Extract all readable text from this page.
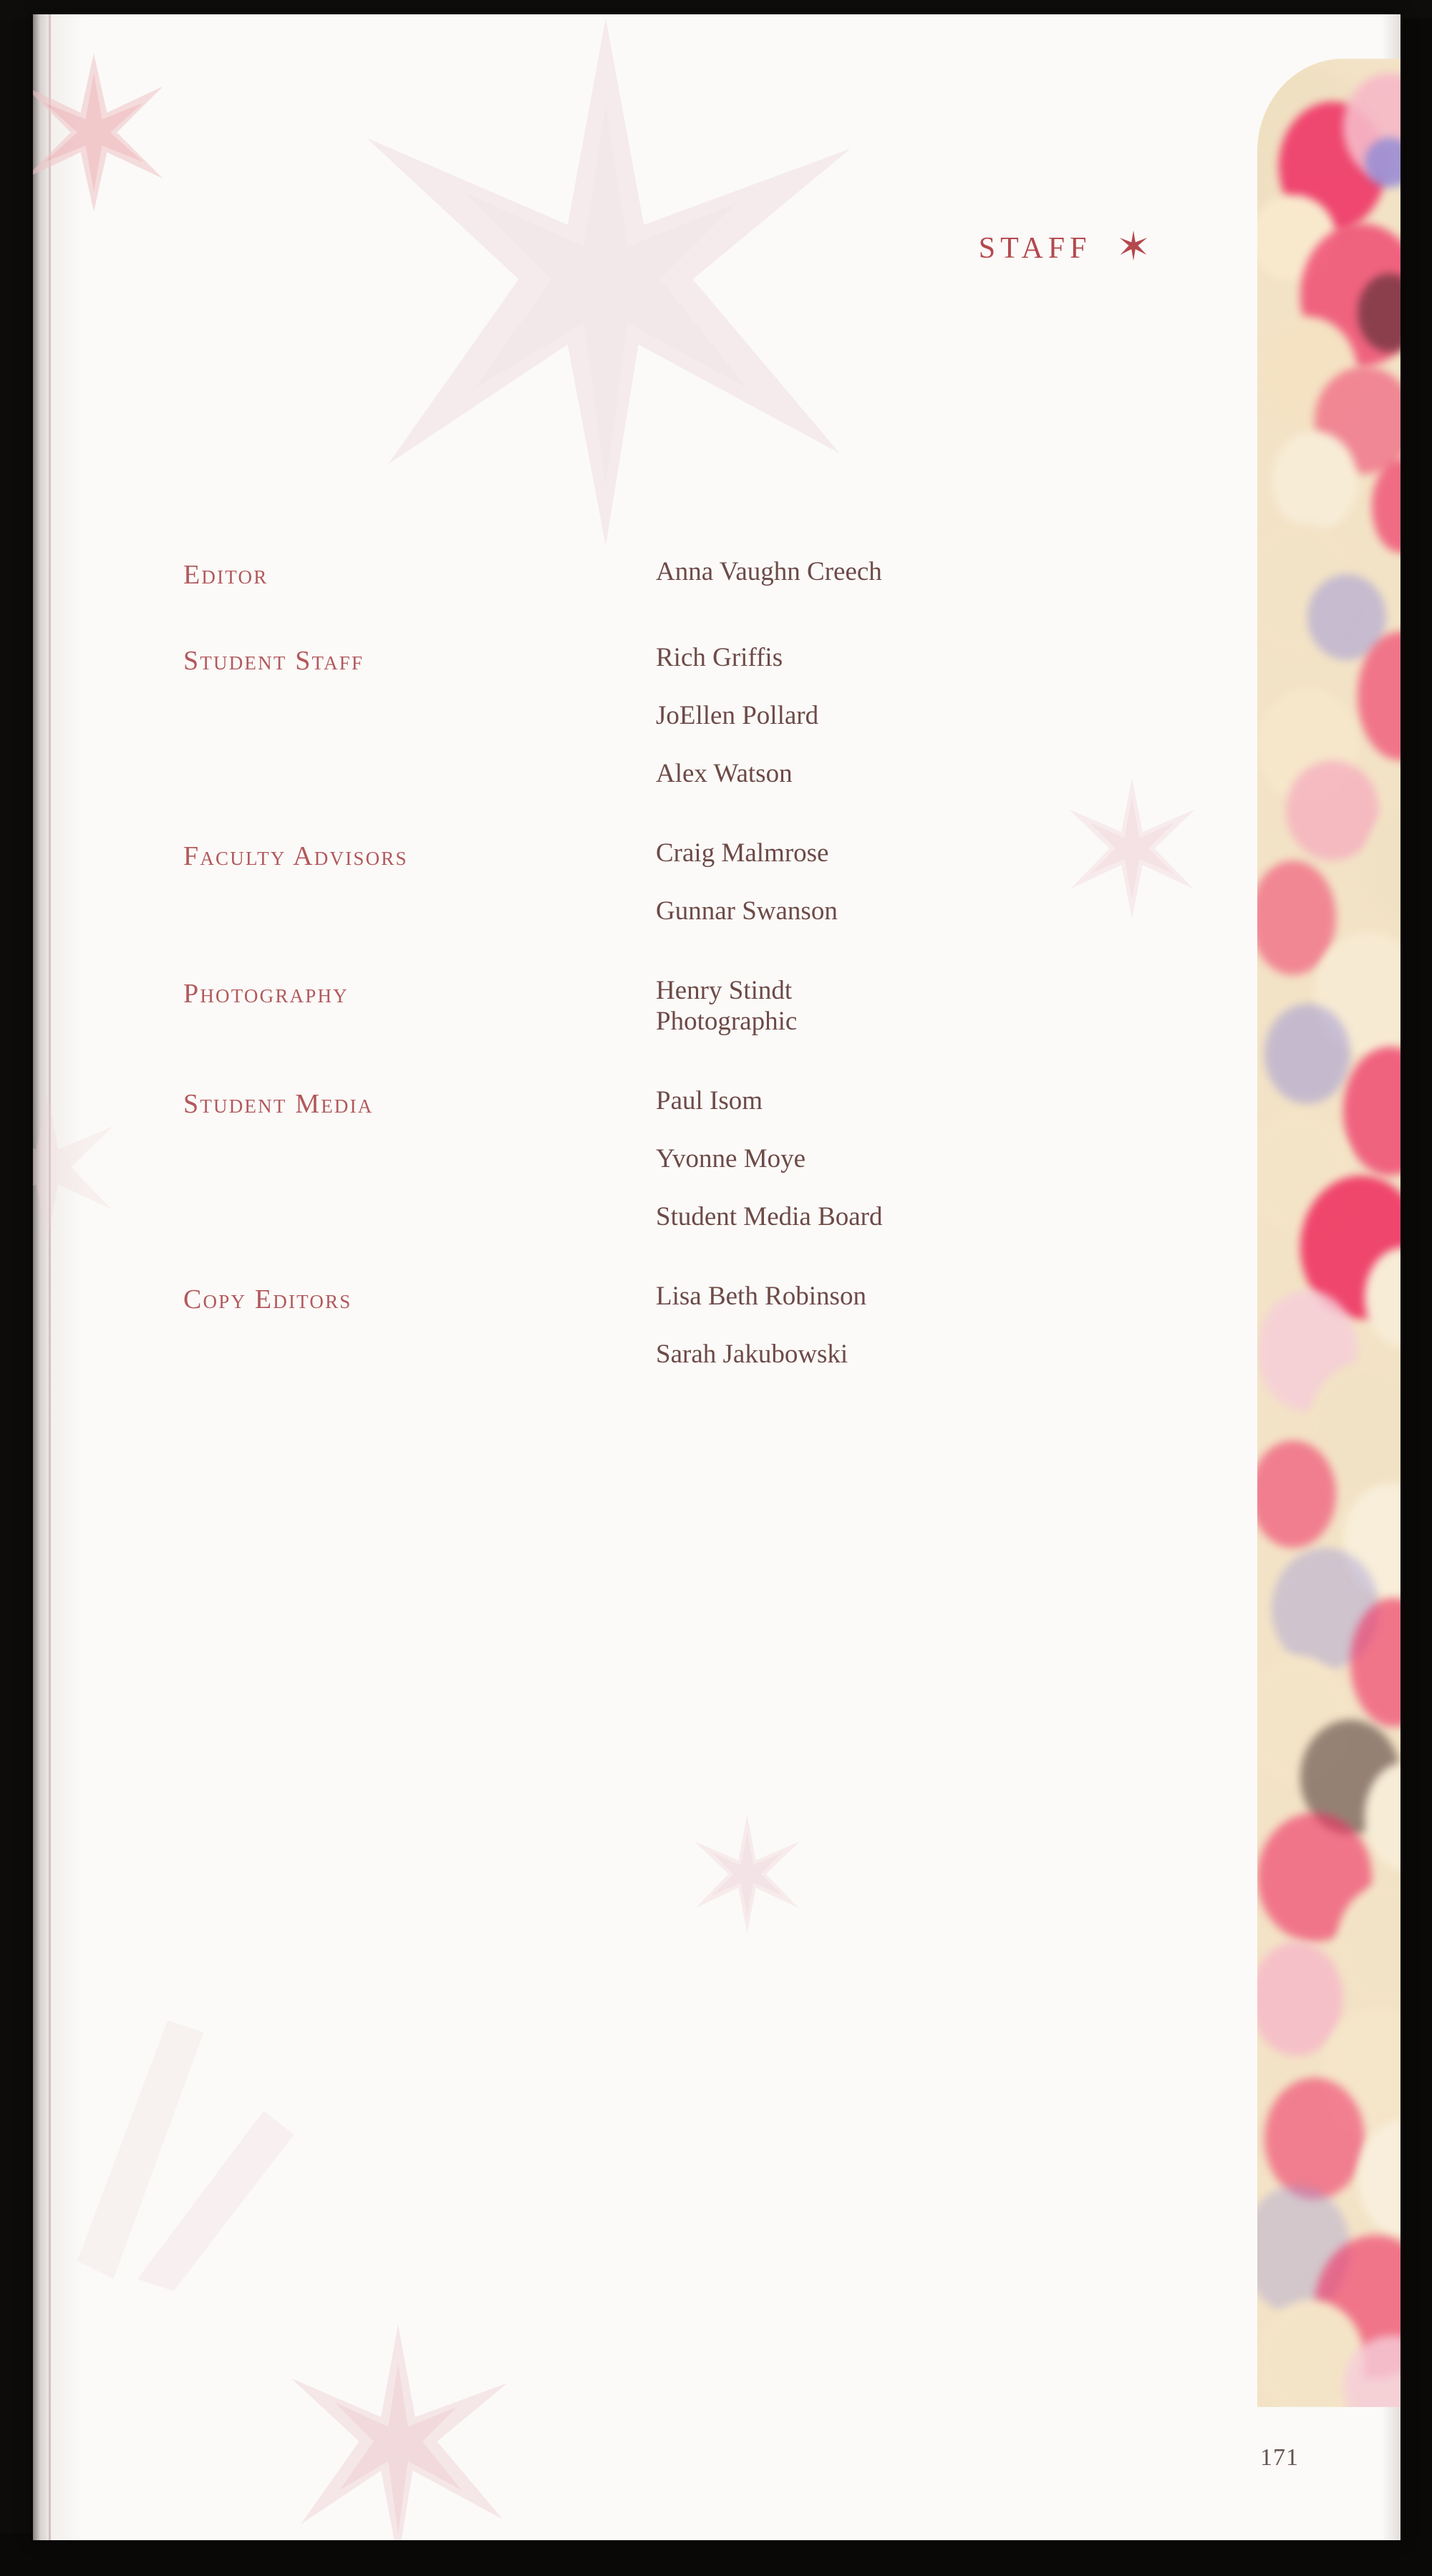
STAFF
Editor	Anna Vaughn Creech
Student Staff	Rich Griffis
JoEllen Pollard
Alex Watson
Faculty Advisors	Craig Malmrose
Gunnar Swanson
Photography	Henry Stindt
Photographic
Student Media	Paul Isom
Yvonne Moye
Student Media Board
Copy Editors	Lisa Beth Robinson
Sarah Jakubowski
171
